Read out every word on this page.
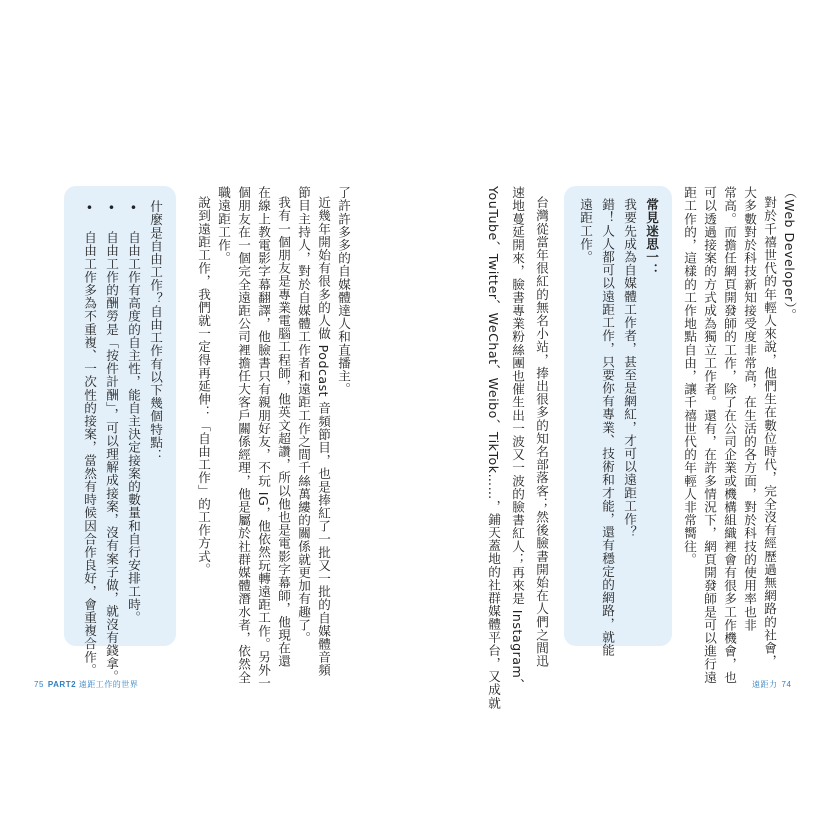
（Web Developer）。
對於千禧世代的年輕人來說，他們生在數位時代，完全沒有經歷過無網路的社會，
大多數對於科技新知接受度非常高，在生活的各方面，對於科技的使用率也非
常高。而擔任網頁開發師的工作，除了在公司企業或機構組織裡會有很多工作機會，也
可以透過接案的方式成為獨立工作者。還有，在許多情況下，網頁開發師是可以進行遠
距工作的，這樣的工作地點自由，讓千禧世代的年輕人非常嚮往。
常見迷思一：
我要先成為自媒體工作者，甚至是網紅，才可以遠距工作？
錯！人人都可以遠距工作，只要你有專業、技術和才能，還有穩定的網路，就能
遠距工作。
台灣從當年很紅的無名小站，捧出很多的知名部落客；然後臉書開始在人們之間迅
速地蔓延開來，臉書專業粉絲團也催生出一波又一波的臉書紅人；再來是 Instagram、
YouTube、Twitter、WeChat、Weibo、TikTok……，鋪天蓋地的社群媒體平台，又成就	遠距力 74
了許許多多的自媒體達人和直播主。
近幾年開始有很多的人做 Podcast 音頻節目，也是捧紅了一批又一批的自媒體音頻
節目主持人，對於自媒體工作者和遠距工作之間千絲萬縷的關係就更加有趣了。
我有一個朋友是專業電腦工程師，他英文超讚，所以他也是電影字幕師，他現在還
在線上教電影字幕翻譯，他臉書只有親朋好友，不玩 IG，他依然玩轉遠距工作。另外一
個朋友在一個完全遠距公司裡擔任大客戶關係經理，他是屬於社群媒體潛水者，依然全
職遠距工作。
說到遠距工作，我們就一定得再延伸：「自由工作」的工作方式。
什麼是自由工作？自由工作有以下幾個特點：
• 自由工作有高度的自主性，能自主決定接案的數量和自行安排工時。
• 自由工作的酬勞是「按件計酬」，可以理解成接案，沒有案子做，就沒有錢拿。
• 自由工作多為不重複、一次性的接案，當然有時候因合作良好，會重複合作。
75 PART2 遠距工作的世界
